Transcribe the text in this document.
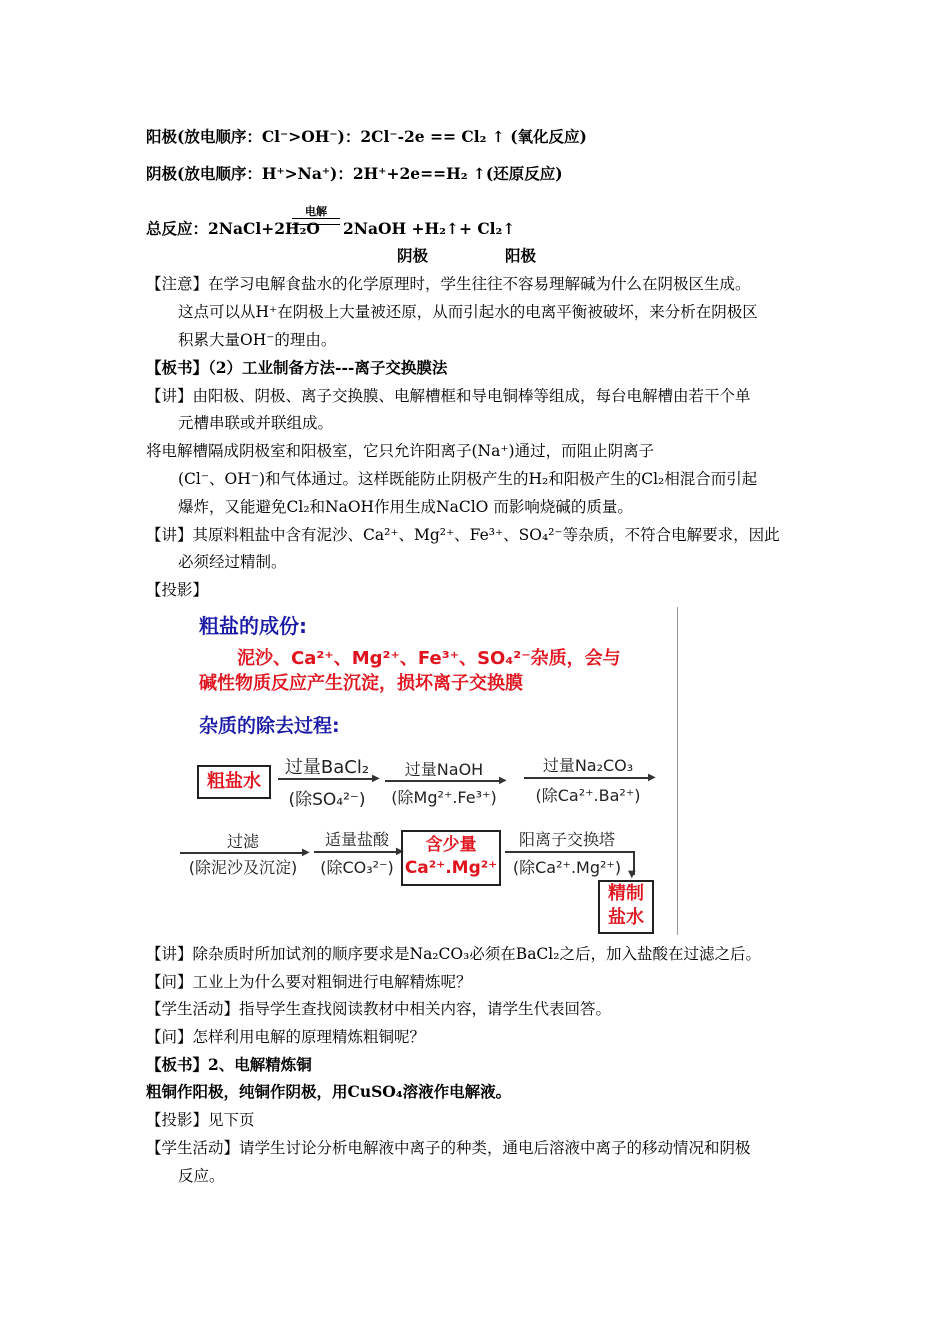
阳极(放电顺序：Cl⁻>OH⁻)：2Cl⁻-2e == Cl₂ ↑ (氧化反应)
阴极(放电顺序：H⁺>Na⁺)：2H⁺+2e==H₂ ↑(还原反应)
总反应：2NaCl+2H₂O
电解
2NaOH +H₂↑+ Cl₂↑
阴极	阳极
【注意】在学习电解食盐水的化学原理时，学生往往不容易理解碱为什么在阴极区生成。
这点可以从H⁺在阴极上大量被还原，从而引起水的电离平衡被破坏，来分析在阴极区
积累大量OH⁻的理由。
【板书】（2）工业制备方法---离子交换膜法
【讲】由阳极、阴极、离子交换膜、电解槽框和导电铜棒等组成，每台电解槽由若干个单
元槽串联或并联组成。
将电解槽隔成阴极室和阳极室，它只允许阳离子(Na⁺)通过，而阻止阴离子
(Cl⁻、OH⁻)和气体通过。这样既能防止阴极产生的H₂和阳极产生的Cl₂相混合而引起
爆炸，又能避免Cl₂和NaOH作用生成NaClO 而影响烧碱的质量。
【讲】其原料粗盐中含有泥沙、Ca²⁺、Mg²⁺、Fe³⁺、SO₄²⁻等杂质，不符合电解要求，因此
必须经过精制。
【投影】
粗盐的成份:
泥沙、Ca²⁺、Mg²⁺、Fe³⁺、SO₄²⁻杂质，会与
碱性物质反应产生沉淀，损坏离子交换膜
杂质的除去过程:
粗盐水
过量BaCl₂
▶
(除SO₄²⁻)
过量NaOH
▶
(除Mg²⁺.Fe³⁺)
过量Na₂CO₃
▶
(除Ca²⁺.Ba²⁺)
过滤
▶
(除泥沙及沉淀)
适量盐酸
▶
(除CO₃²⁻)
含少量
Ca²⁺.Mg²⁺
阳离子交换塔
▼
(除Ca²⁺.Mg²⁺)
精制
盐水
【讲】除杂质时所加试剂的顺序要求是Na₂CO₃必须在BaCl₂之后，加入盐酸在过滤之后。
【问】工业上为什么要对粗铜进行电解精炼呢？
【学生活动】指导学生查找阅读教材中相关内容，请学生代表回答。
【问】怎样利用电解的原理精炼粗铜呢？
【板书】2、电解精炼铜
粗铜作阳极，纯铜作阴极，用CuSO₄溶液作电解液。
【投影】见下页
【学生活动】请学生讨论分析电解液中离子的种类，通电后溶液中离子的移动情况和阴极
反应。
